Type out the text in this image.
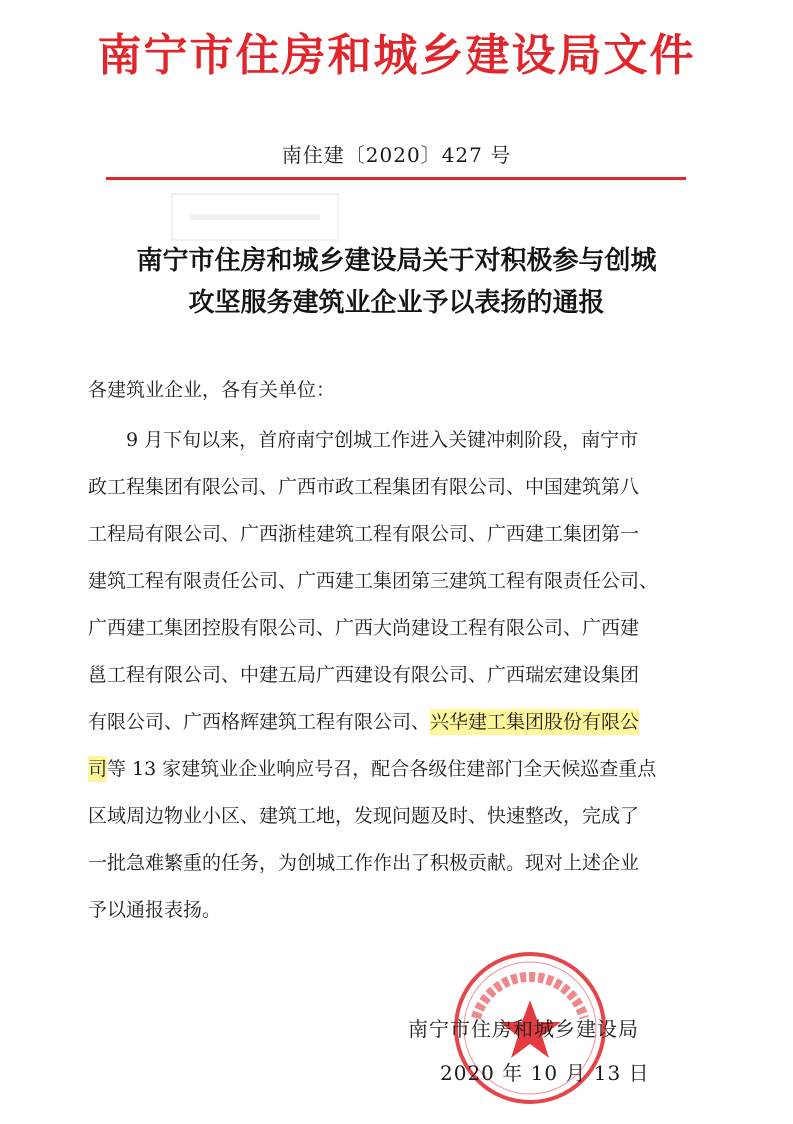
南宁市住房和城乡建设局文件
南住建〔2020〕427 号
南宁市住房和城乡建设局关于对积极参与创城
攻坚服务建筑业企业予以表扬的通报
各建筑业企业，各有关单位：
　　9 月下旬以来，首府南宁创城工作进入关键冲刺阶段，南宁市
政工程集团有限公司、广西市政工程集团有限公司、中国建筑第八
工程局有限公司、广西浙桂建筑工程有限公司、广西建工集团第一
建筑工程有限责任公司、广西建工集团第三建筑工程有限责任公司、
广西建工集团控股有限公司、广西大尚建设工程有限公司、广西建
邕工程有限公司、中建五局广西建设有限公司、广西瑞宏建设集团
有限公司、广西格辉建筑工程有限公司、兴华建工集团股份有限公
司等 13 家建筑业企业响应号召，配合各级住建部门全天候巡查重点
区域周边物业小区、建筑工地，发现问题及时、快速整改，完成了
一批急难繁重的任务，为创城工作作出了积极贡献。现对上述企业
予以通报表扬。
南宁市住房和城乡建设局
2020 年 10 月 13 日
